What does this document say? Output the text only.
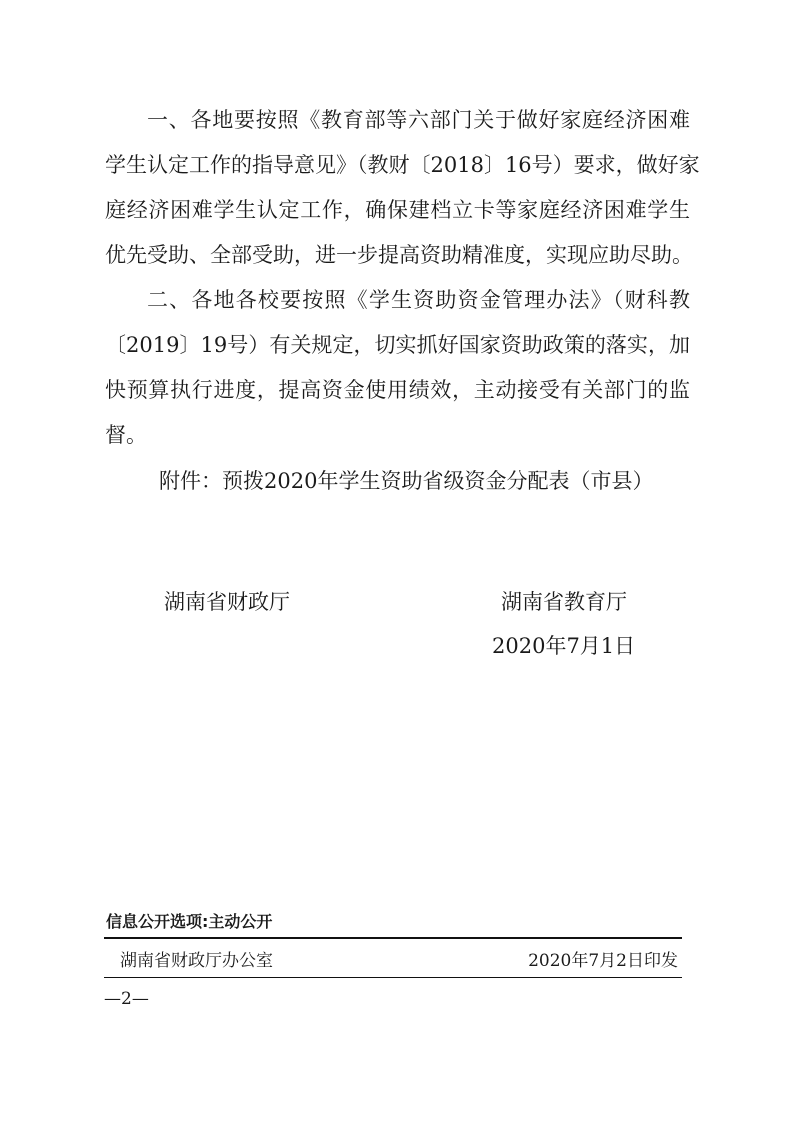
一、各地要按照《教育部等六部门关于做好家庭经济困难

学生认定工作的指导意见》（教财〔2018〕16号）要求，做好家

庭经济困难学生认定工作，确保建档立卡等家庭经济困难学生

优先受助、全部受助，进一步提高资助精准度，实现应助尽助。

二、各地各校要按照《学生资助资金管理办法》（财科教

〔2019〕19号）有关规定，切实抓好国家资助政策的落实，加

快预算执行进度，提高资金使用绩效，主动接受有关部门的监

督。

附件：预拨2020年学生资助省级资金分配表（市县）

湖南省财政厅	湖南省教育厅

2020年7月1日

信息公开选项:主动公开

湖南省财政厅办公室	2020年7月2日印发

—2—
